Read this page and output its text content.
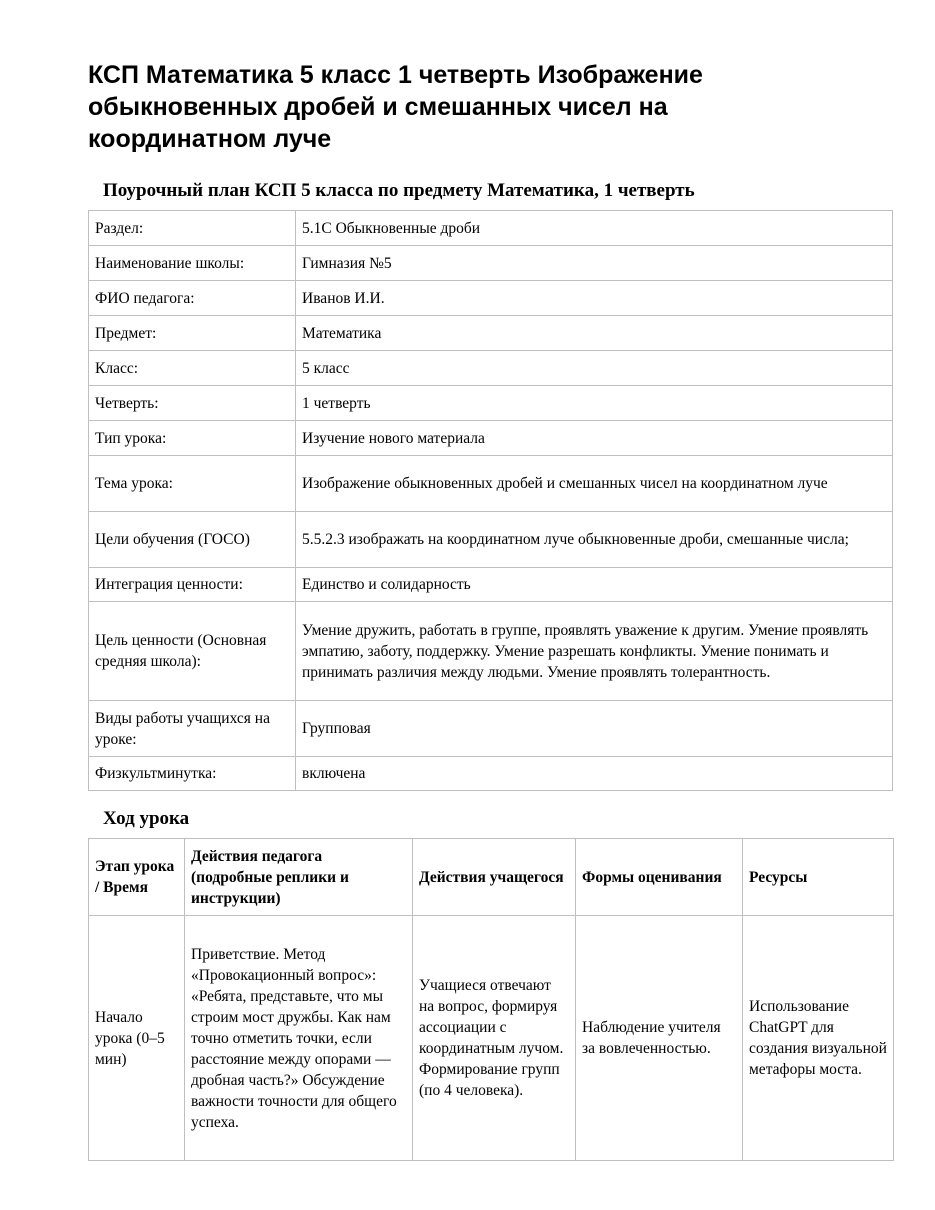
КСП Математика 5 класс 1 четверть Изображение обыкновенных дробей и смешанных чисел на координатном луче
Поурочный план КСП 5 класса по предмету Математика, 1 четверть
Раздел:	5.1С Обыкновенные дроби
Наименование школы:	Гимназия №5
ФИО педагога:	Иванов И.И.
Предмет:	Математика
Класс:	5 класс
Четверть:	1 четверть
Тип урока:	Изучение нового материала
Тема урока:	Изображение обыкновенных дробей и смешанных чисел на координатном луче
Цели обучения (ГОСО)	5.5.2.3 изображать на координатном луче обыкновенные дроби, смешанные числа;
Интеграция ценности:	Единство и солидарность
Цель ценности (Основная средняя школа):	Умение дружить, работать в группе, проявлять уважение к другим. Умение проявлять эмпатию, заботу, поддержку. Умение разрешать конфликты. Умение понимать и принимать различия между людьми. Умение проявлять толерантность.
Виды работы учащихся на уроке:	Групповая
Физкультминутка:	включена
Ход урока
Этап урока / Время	Действия педагога (подробные реплики и инструкции)	Действия учащегося	Формы оценивания	Ресурсы
Начало урока (0–5 мин)	Приветствие. Метод «Провокационный вопрос»: «Ребята, представьте, что мы строим мост дружбы. Как нам точно отметить точки, если расстояние между опорами — дробная часть?» Обсуждение важности точности для общего успеха.	Учащиеся отвечают на вопрос, формируя ассоциации с координатным лучом. Формирование групп (по 4 человека).	Наблюдение учителя за вовлеченностью.	Использование ChatGPT для создания визуальной метафоры моста.
